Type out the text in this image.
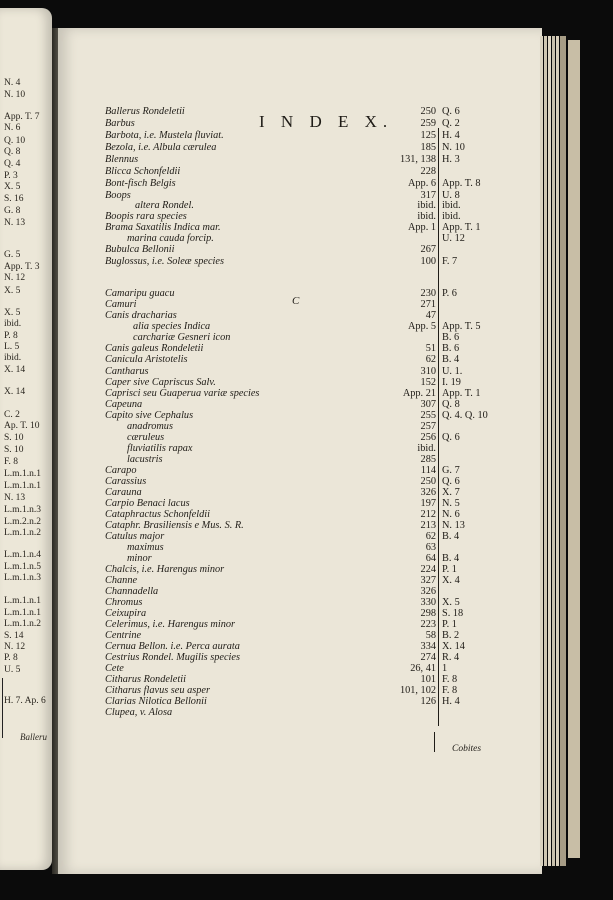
N. 4
N. 10
App. T. 7
N. 6
Q. 10
Q. 8
Q. 4
P. 3
X. 5
S. 16
G. 8
N. 13
G. 5
App. T. 3
N. 12
X. 5
X. 5
ibid.
P. 8
L. 5
ibid.
X. 14
X. 14
C. 2
Ap. T. 10
S. 10
S. 10
F. 8
L.m.1.n.1
L.m.1.n.1
N. 13
L.m.1.n.3
L.m.2.n.2
L.m.1.n.2
L.m.1.n.4
L.m.1.n.5
L.m.1.n.3
L.m.1.n.1
L.m.1.n.1
L.m.1.n.2
S. 14
N. 12
P. 8
U. 5
H. 7. Ap. 6
Balleru
I N D E X.
C
Cobites
Ballerus Rondeletii	250 Q. 6
Barbus	259 Q. 2
Barbota, i.e. Mustela fluviat.	125 H. 4
Bezola, i.e. Albula cærulea	185 N. 10
Blennus	131, 138 H. 3
Blicca Schonfeldii	228
Bont-fisch Belgis	App. 6 App. T. 8
Boops	317 U. 8
altera Rondel.	ibid. ibid.
Boopis rara species	ibid. ibid.
Brama Saxatilis Indica mar.	App. 1 App. T. 1
marina cauda forcip.	U. 12
Bubulca Bellonii	267
Buglossus, i.e. Soleæ species	100 F. 7
Camaripu guacu	230 P. 6
Camuri	271
Canis dracharias	47
alia species Indica	App. 5 App. T. 5
carchariæ Gesneri icon	B. 6
Canis galeus Rondeletii	51 B. 6
Canicula Aristotelis	62 B. 4
Cantharus	310 U. 1.
Caper sive Capriscus Salv.	152 I. 19
Caprisci seu Guaperua variæ species	App. 21 App. T. 1
Capeuna	307 Q. 8
Capito sive Cephalus	255 Q. 4. Q. 10
anadromus	257
cæruleus	256 Q. 6
fluviatilis rapax	ibid.
lacustris	285
Carapo	114 G. 7
Carassius	250 Q. 6
Carauna	326 X. 7
Carpio Benaci lacus	197 N. 5
Cataphractus Schonfeldii	212 N. 6
Cataphr. Brasiliensis e Mus. S. R.	213 N. 13
Catulus major	62 B. 4
maximus	63
minor	64 B. 4
Chalcis, i.e. Harengus minor	224 P. 1
Channe	327 X. 4
Channadella	326
Chromus	330 X. 5
Ceixupira	298 S. 18
Celerimus, i.e. Harengus minor	223 P. 1
Centrine	58 B. 2
Cernua Bellon. i.e. Perca aurata	334 X. 14
Cestrius Rondel. Mugilis species	274 R. 4
Cete	26, 41 1
Citharus Rondeletii	101 F. 8
Citharus flavus seu asper	101, 102 F. 8
Clarias Nilotica Bellonii	126 H. 4
Clupea, v. Alosa
